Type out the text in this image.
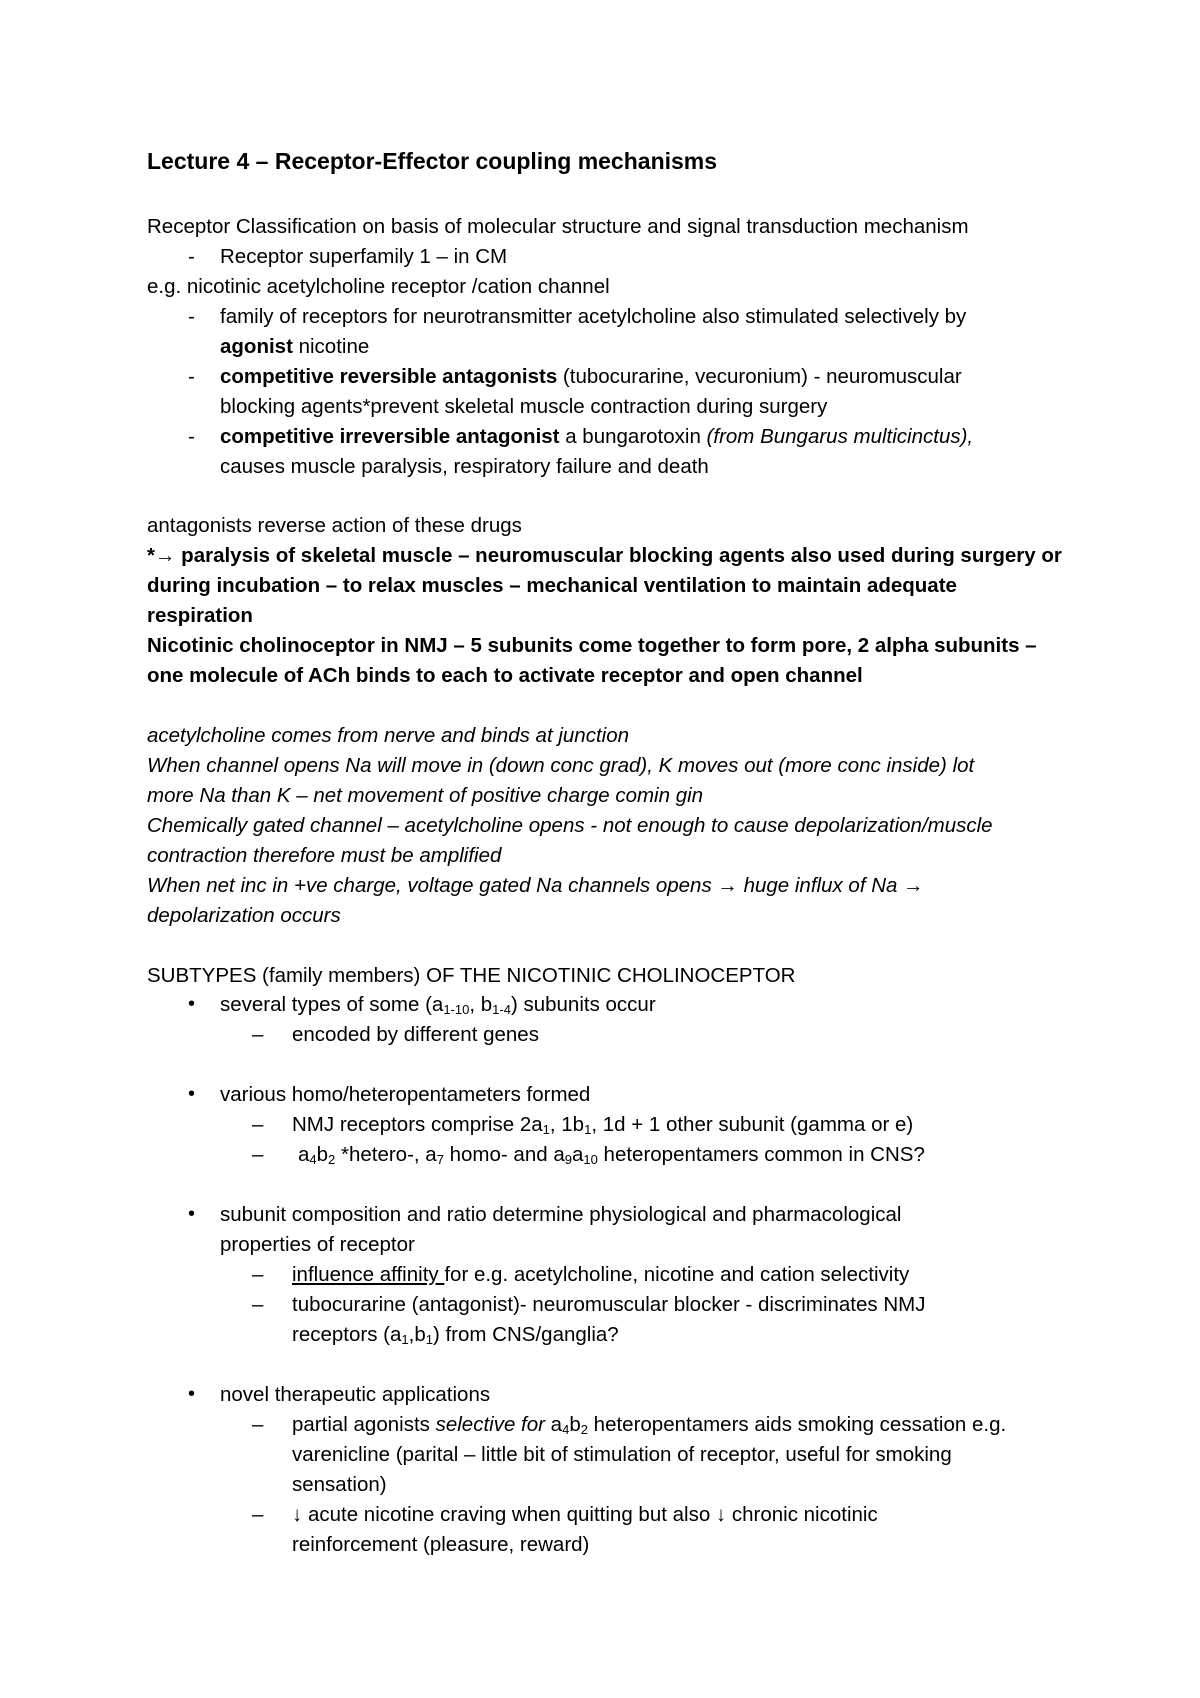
Lecture 4 – Receptor-Effector coupling mechanisms
Receptor Classification on basis of molecular structure and signal transduction mechanism
- Receptor superfamily 1 – in CM
e.g. nicotinic acetylcholine receptor /cation channel
- family of receptors for neurotransmitter acetylcholine also stimulated selectively by
agonist nicotine
- competitive reversible antagonists (tubocurarine, vecuronium) - neuromuscular
blocking agents*prevent skeletal muscle contraction during surgery
- competitive irreversible antagonist a bungarotoxin (from Bungarus multicinctus),
causes muscle paralysis, respiratory failure and death
antagonists reverse action of these drugs
*→ paralysis of skeletal muscle – neuromuscular blocking agents also used during surgery or
during incubation – to relax muscles – mechanical ventilation to maintain adequate
respiration
Nicotinic cholinoceptor in NMJ – 5 subunits come together to form pore, 2 alpha subunits –
one molecule of ACh binds to each to activate receptor and open channel
acetylcholine comes from nerve and binds at junction
When channel opens Na will move in (down conc grad), K moves out (more conc inside) lot
more Na than K – net movement of positive charge comin gin
Chemically gated channel – acetylcholine opens - not enough to cause depolarization/muscle
contraction therefore must be amplified
When net inc in +ve charge, voltage gated Na channels opens → huge influx of Na →
depolarization occurs
SUBTYPES (family members) OF THE NICOTINIC CHOLINOCEPTOR
• several types of some ($a_{1-10}$, $b_{1-4}$) subunits occur
– encoded by different genes
• various homo/heteropentameters formed
– NMJ receptors comprise $2a_1$, $1b_1$, 1d + 1 other subunit (gamma or e)
– $a_4b_2$ *hetero-, $a_7$ homo- and $a_9a_{10}$ heteropentamers common in CNS?
• subunit composition and ratio determine physiological and pharmacological
properties of receptor
– influence affinity for e.g. acetylcholine, nicotine and cation selectivity
– tubocurarine (antagonist)- neuromuscular blocker - discriminates NMJ
receptors $(a_1,b_1)$ from CNS/ganglia?
• novel therapeutic applications
– partial agonists selective for $a_4b_2$ heteropentamers aids smoking cessation e.g.
varenicline (parital – little bit of stimulation of receptor, useful for smoking
sensation)
– ↓ acute nicotine craving when quitting but also ↓ chronic nicotinic
reinforcement (pleasure, reward)
